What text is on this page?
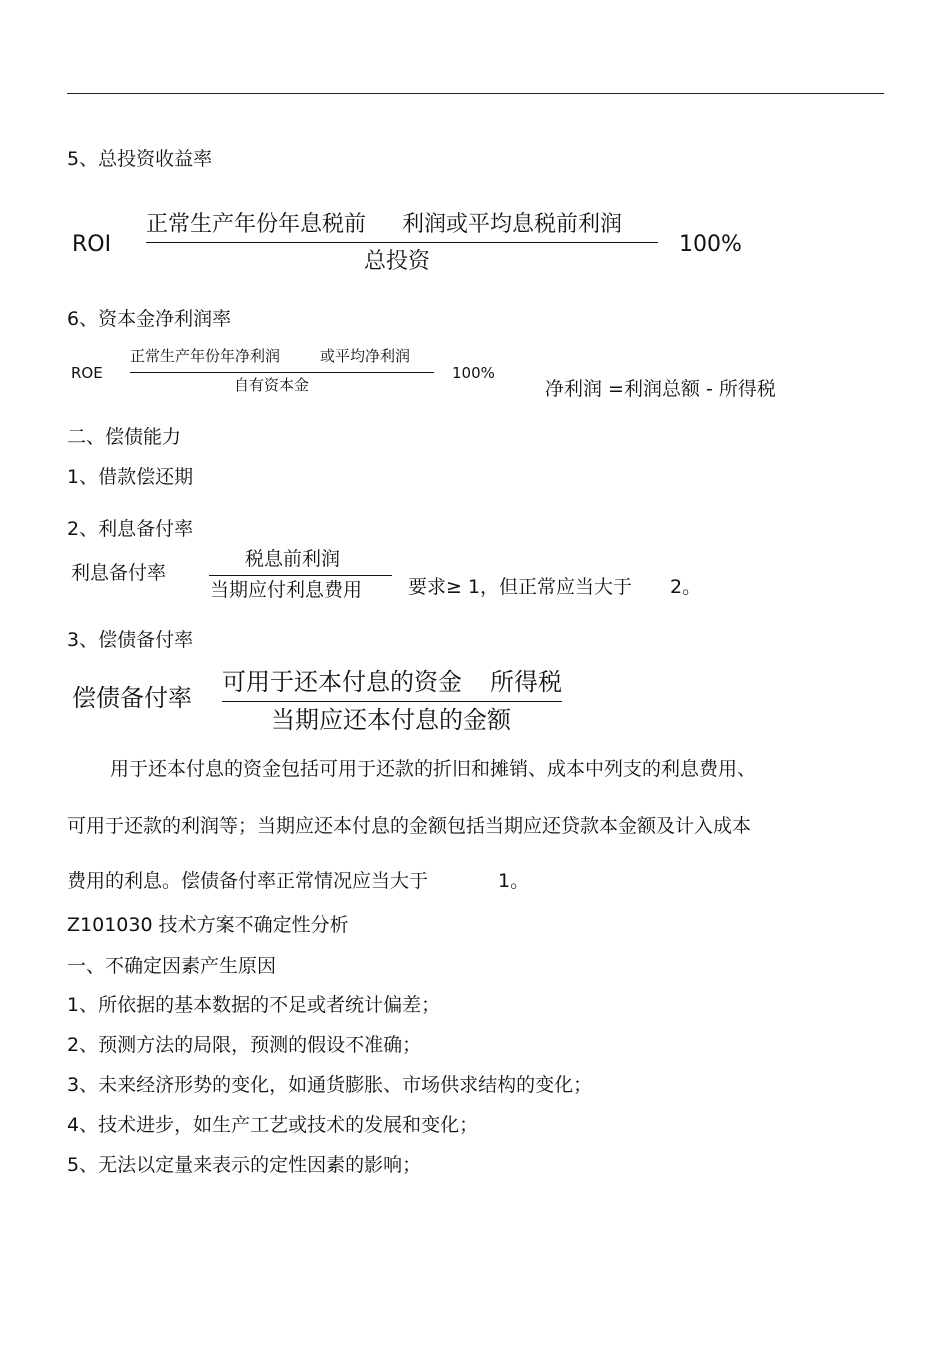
5、总投资收益率
ROI
正常生产年份年息税前 利润或平均息税前利润
总投资
100%
6、资本金净利润率
ROE
正常生产年份年净利润	或平均净利润
自有资本金
100%
净利润 =利润总额 - 所得税
二、偿债能力
1、借款偿还期
2、利息备付率
利息备付率
税息前利润
当期应付利息费用 要求≥ 1，但正常应当大于 2。
3、偿债备付率
偿债备付率
可用于还本付息的资金 所得税
当期应还本付息的金额
用于还本付息的资金包括可用于还款的折旧和摊销、成本中列支的利息费用、
可用于还款的利润等；当期应还本付息的金额包括当期应还贷款本金额及计入成本
费用的利息。偿债备付率正常情况应当大于	1。
Z101030 技术方案不确定性分析
一、不确定因素产生原因
1、所依据的基本数据的不足或者统计偏差；
2、预测方法的局限，预测的假设不准确；
3、未来经济形势的变化，如通货膨胀、市场供求结构的变化；
4、技术进步，如生产工艺或技术的发展和变化；
5、无法以定量来表示的定性因素的影响；
